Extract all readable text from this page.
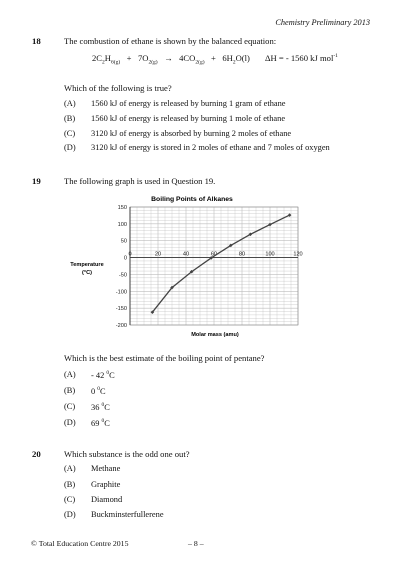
Chemistry Preliminary 2013
18	The combustion of ethane is shown by the balanced equation:
$2C_2H_{6(g)} + 7O_{2(g)} \to 4CO_{2(g)} + 6H_2O(l) \Delta H$ = - 1560 kJ mol$^{-1}$
Which of the following is true?
(A) 1560 kJ of energy is released by burning 1 gram of ethane
(B) 1560 kJ of energy is released by burning 1 mole of ethane
(C) 3120 kJ of energy is absorbed by burning 2 moles of ethane
(D) 3120 kJ of energy is stored in 2 moles of ethane and 7 moles of oxygen
19	The following graph is used in Question 19.
Boiling Points of Alkanes
0	20	40	60	80	100	120
150
100
50
0
-50
-100
-150
-200
Temperature
(°C)
Molar mass (amu)
Which is the best estimate of the boiling point of pentane?
(A) - 42 $^0$C
(B) 0 $^0$C
(C) 36 $^0$C
(D) 69 $^0$C
20	Which substance is the odd one out?
(A) Methane
(B) Graphite
(C) Diamond
(D) Buckminsterfullerene
© Total Education Centre 2015	– 8 –
